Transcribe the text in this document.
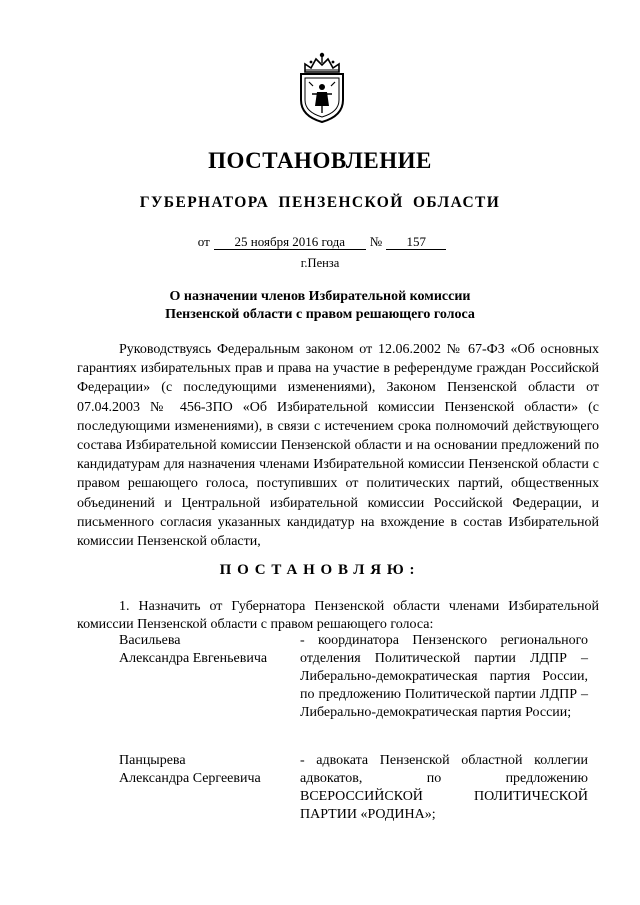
ПОСТАНОВЛЕНИЕ
ГУБЕРНАТОРА ПЕНЗЕНСКОЙ ОБЛАСТИ
от 25 ноября 2016 года № 157
г.Пенза
О назначении членов Избирательной комиссии
Пензенской области с правом решающего голоса

Руководствуясь Федеральным законом от 12.06.2002 № 67-ФЗ «Об основных гарантиях избирательных прав и права на участие в референдуме граждан Российской Федерации» (с последующими изменениями), Законом Пензенской области от 07.04.2003 № 456-ЗПО «Об Избирательной комиссии Пензенской области» (с последующими изменениями), в связи с истечением срока полномочий действующего состава Избирательной комиссии Пензенской области и на основании предложений по кандидатурам для назначения членами Избирательной комиссии Пензенской области с правом решающего голоса, поступивших от политических партий, общественных объединений и Центральной избирательной комиссии Российской Федерации, и письменного согласия указанных кандидатур на вхождение в состав Избирательной комиссии Пензенской области,

ПОСТАНОВЛЯЮ:

1. Назначить от Губернатора Пензенской области членами Избирательной комиссии Пензенской области с правом решающего голоса:

Васильева
Александра Евгеньевича
- координатора Пензенского регионального отделения Политической партии ЛДПР – Либерально-демократическая партия России, по предложению Политической партии ЛДПР – Либерально-демократическая партия России;
Панцырева
Александра Сергеевича
- адвоката Пензенской областной коллегии адвокатов, по предложению ВСЕРОССИЙСКОЙ ПОЛИТИЧЕСКОЙ ПАРТИИ «РОДИНА»;
